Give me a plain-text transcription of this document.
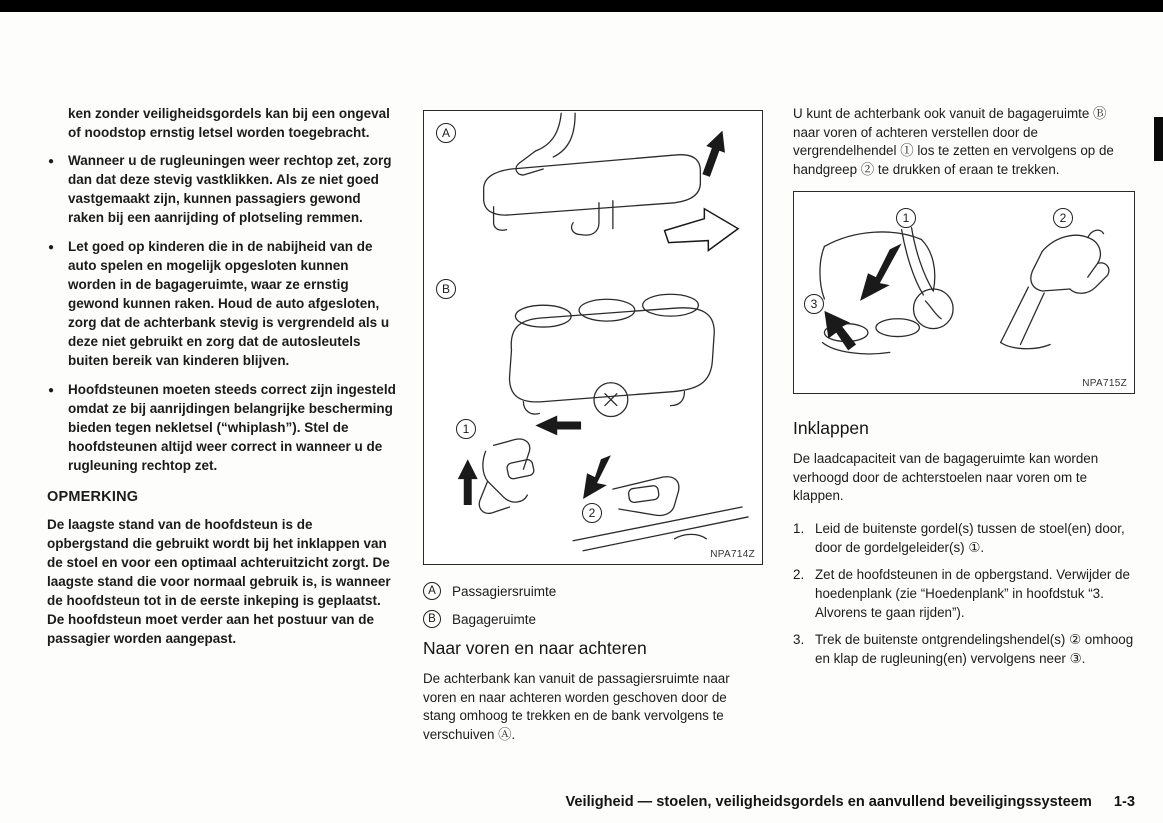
ken zonder veiligheidsgordels kan bij een ongeval of noodstop ernstig letsel worden toegebracht.

● Wanneer u de rugleuningen weer rechtop zet, zorg dan dat deze stevig vastklikken. Als ze niet goed vastgemaakt zijn, kunnen passagiers gewond raken bij een aanrijding of plotseling remmen.
● Let goed op kinderen die in de nabijheid van de auto spelen en mogelijk opgesloten kunnen worden in de bagageruimte, waar ze ernstig gewond kunnen raken. Houd de auto afgesloten, zorg dat de achterbank stevig is vergrendeld als u deze niet gebruikt en zorg dat de autosleutels buiten bereik van kinderen blijven.
● Hoofdsteunen moeten steeds correct zijn ingesteld omdat ze bij aanrijdingen belangrijke bescherming bieden tegen nekletsel (“whiplash”). Stel de hoofdsteunen altijd weer correct in wanneer u de rugleuning rechtop zet.
OPMERKING

De laagste stand van de hoofdsteun is de opbergstand die gebruikt wordt bij het inklappen van de stoel en voor een optimaal achteruitzicht zorgt. De laagste stand die voor normaal gebruik is, is wanneer de hoofdsteun tot in de eerste inkeping is geplaatst. De hoofdsteun moet verder aan het postuur van de passagier worden aangepast.

A
B
1
2
NPA714Z
A	Passagiersruimte
B	Bagageruimte
Naar voren en naar achteren

De achterbank kan vanuit de passagiersruimte naar voren en naar achteren worden geschoven door de stang omhoog te trekken en de bank vervolgens te verschuiven Ⓐ.

U kunt de achterbank ook vanuit de bagageruimte Ⓑ naar voren of achteren verstellen door de vergrendelhendel ① los te zetten en vervolgens op de handgreep ② te drukken of eraan te trekken.

1	2
3
NPA715Z
Inklappen

De laadcapaciteit van de bagageruimte kan worden verhoogd door de achterstoelen naar voren om te klappen.

1. Leid de buitenste gordel(s) tussen de stoel(en) door, door de gordelgeleider(s) ①.
2. Zet de hoofdsteunen in de opbergstand. Verwijder de hoedenplank (zie “Hoedenplank” in hoofdstuk “3. Alvorens te gaan rijden”).
3. Trek de buitenste ontgrendelingshendel(s) ② omhoog en klap de rugleuning(en) vervolgens neer ③.
Veiligheid — stoelen, veiligheidsgordels en aanvullend beveiligingssysteem 1-3
